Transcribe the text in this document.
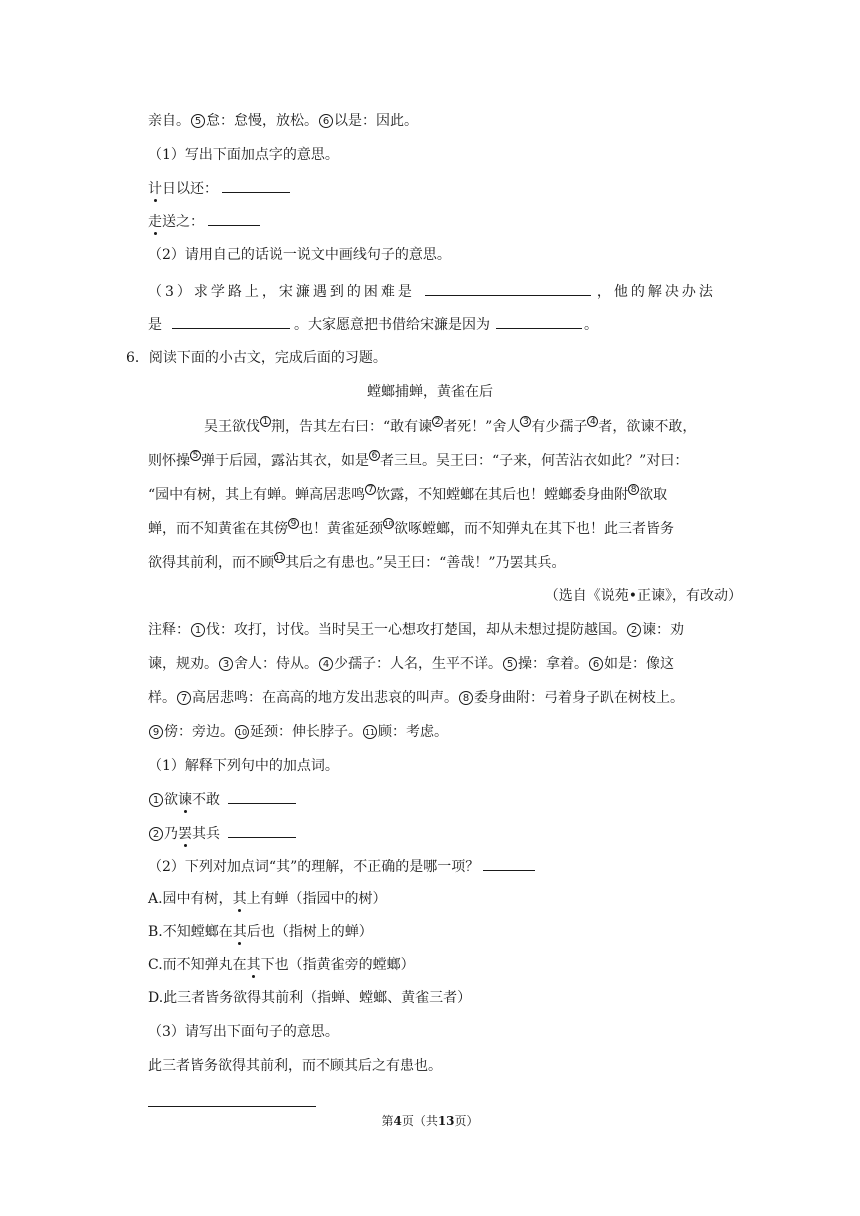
亲自。 5 怠：怠慢，放松。 6 以是：因此。
（1）写出下面加点字的意思。
计日以还：
走送之：
（2）请用自己的话说一说文中画线句子的意思。
（3）求学路上，宋濂遇到的困难是	，他的解决办法
是	。大家愿意把书借给宋濂是因为	。
6．阅读下面的小古文，完成后面的习题。
螳螂捕蝉，黄雀在后
吴王欲伐 1 荆，告其左右曰：“敢有谏 2 者死！”舍人 3 有少孺子 4 者，欲谏不敢，
则怀操 5 弹于后园，露沾其衣，如是 6 者三旦。吴王曰：“子来，何苦沾衣如此？”对曰：
“园中有树，其上有蝉。蝉高居悲鸣 7 饮露，不知螳螂在其后也！螳螂委身曲附 8 欲取
蝉，而不知黄雀在其傍 9 也！黄雀延颈10欲啄螳螂，而不知弹丸在其下也！此三者皆务
欲得其前利，而不顾11其后之有患也。”吴王曰：“善哉！”乃罢其兵。
（选自《说苑•正谏》，有改动）
注释： 1 伐：攻打，讨伐。当时吴王一心想攻打楚国，却从未想过提防越国。 2 谏：劝
谏，规劝。 3 舍人：侍从。 4 少孺子：人名，生平不详。 5 操：拿着。 6 如是：像这
样。 7 高居悲鸣：在高高的地方发出悲哀的叫声。 8 委身曲附：弓着身子趴在树枝上。
9 傍：旁边。 10 延颈：伸长脖子。 11 顾：考虑。
（1）解释下列句中的加点词。
1 欲谏不敢
2 乃罢其兵
（2）下列对加点词“其”的理解，不正确的是哪一项？
A.园中有树，其上有蝉（指园中的树）
B.不知螳螂在其后也（指树上的蝉）
C.而不知弹丸在其下也（指黄雀旁的螳螂）
D.此三者皆务欲得其前利（指蝉、螳螂、黄雀三者）
（3）请写出下面句子的意思。
此三者皆务欲得其前利，而不顾其后之有患也。
第4页（共13页）
